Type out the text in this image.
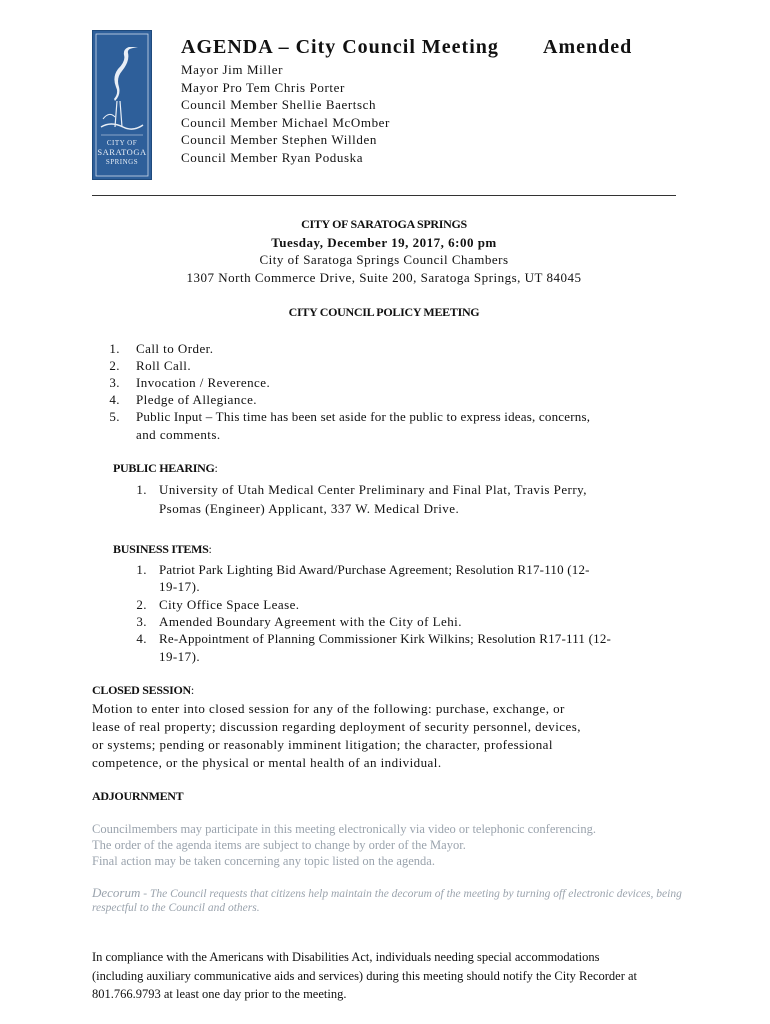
CITY OF
SARATOGA
SPRINGS
AGENDA – City Council Meeting Amended
Mayor Jim Miller
Mayor Pro Tem Chris Porter
Council Member Shellie Baertsch
Council Member Michael McOmber
Council Member Stephen Willden
Council Member Ryan Poduska
CITY OF SARATOGA SPRINGS
Tuesday, December 19, 2017, 6:00 pm
City of Saratoga Springs Council Chambers
1307 North Commerce Drive, Suite 200, Saratoga Springs, UT 84045
CITY COUNCIL POLICY MEETING
1. Call to Order.
2. Roll Call.
3. Invocation / Reverence.
4. Pledge of Allegiance.
5. Public Input – This time has been set aside for the public to express ideas, concerns,
and comments.
PUBLIC HEARING:
1. University of Utah Medical Center Preliminary and Final Plat, Travis Perry,
Psomas (Engineer) Applicant, 337 W. Medical Drive.
BUSINESS ITEMS:
1. Patriot Park Lighting Bid Award/Purchase Agreement; Resolution R17-110 (12-
19-17).
2. City Office Space Lease.
3. Amended Boundary Agreement with the City of Lehi.
4. Re-Appointment of Planning Commissioner Kirk Wilkins; Resolution R17-111 (12-
19-17).
CLOSED SESSION:
Motion to enter into closed session for any of the following: purchase, exchange, or
lease of real property; discussion regarding deployment of security personnel, devices,
or systems; pending or reasonably imminent litigation; the character, professional
competence, or the physical or mental health of an individual.
ADJOURNMENT
Councilmembers may participate in this meeting electronically via video or telephonic conferencing.
The order of the agenda items are subject to change by order of the Mayor.
Final action may be taken concerning any topic listed on the agenda.
Decorum - The Council requests that citizens help maintain the decorum of the meeting by turning off electronic devices, being
respectful to the Council and others.
In compliance with the Americans with Disabilities Act, individuals needing special accommodations
(including auxiliary communicative aids and services) during this meeting should notify the City Recorder at
801.766.9793 at least one day prior to the meeting.
